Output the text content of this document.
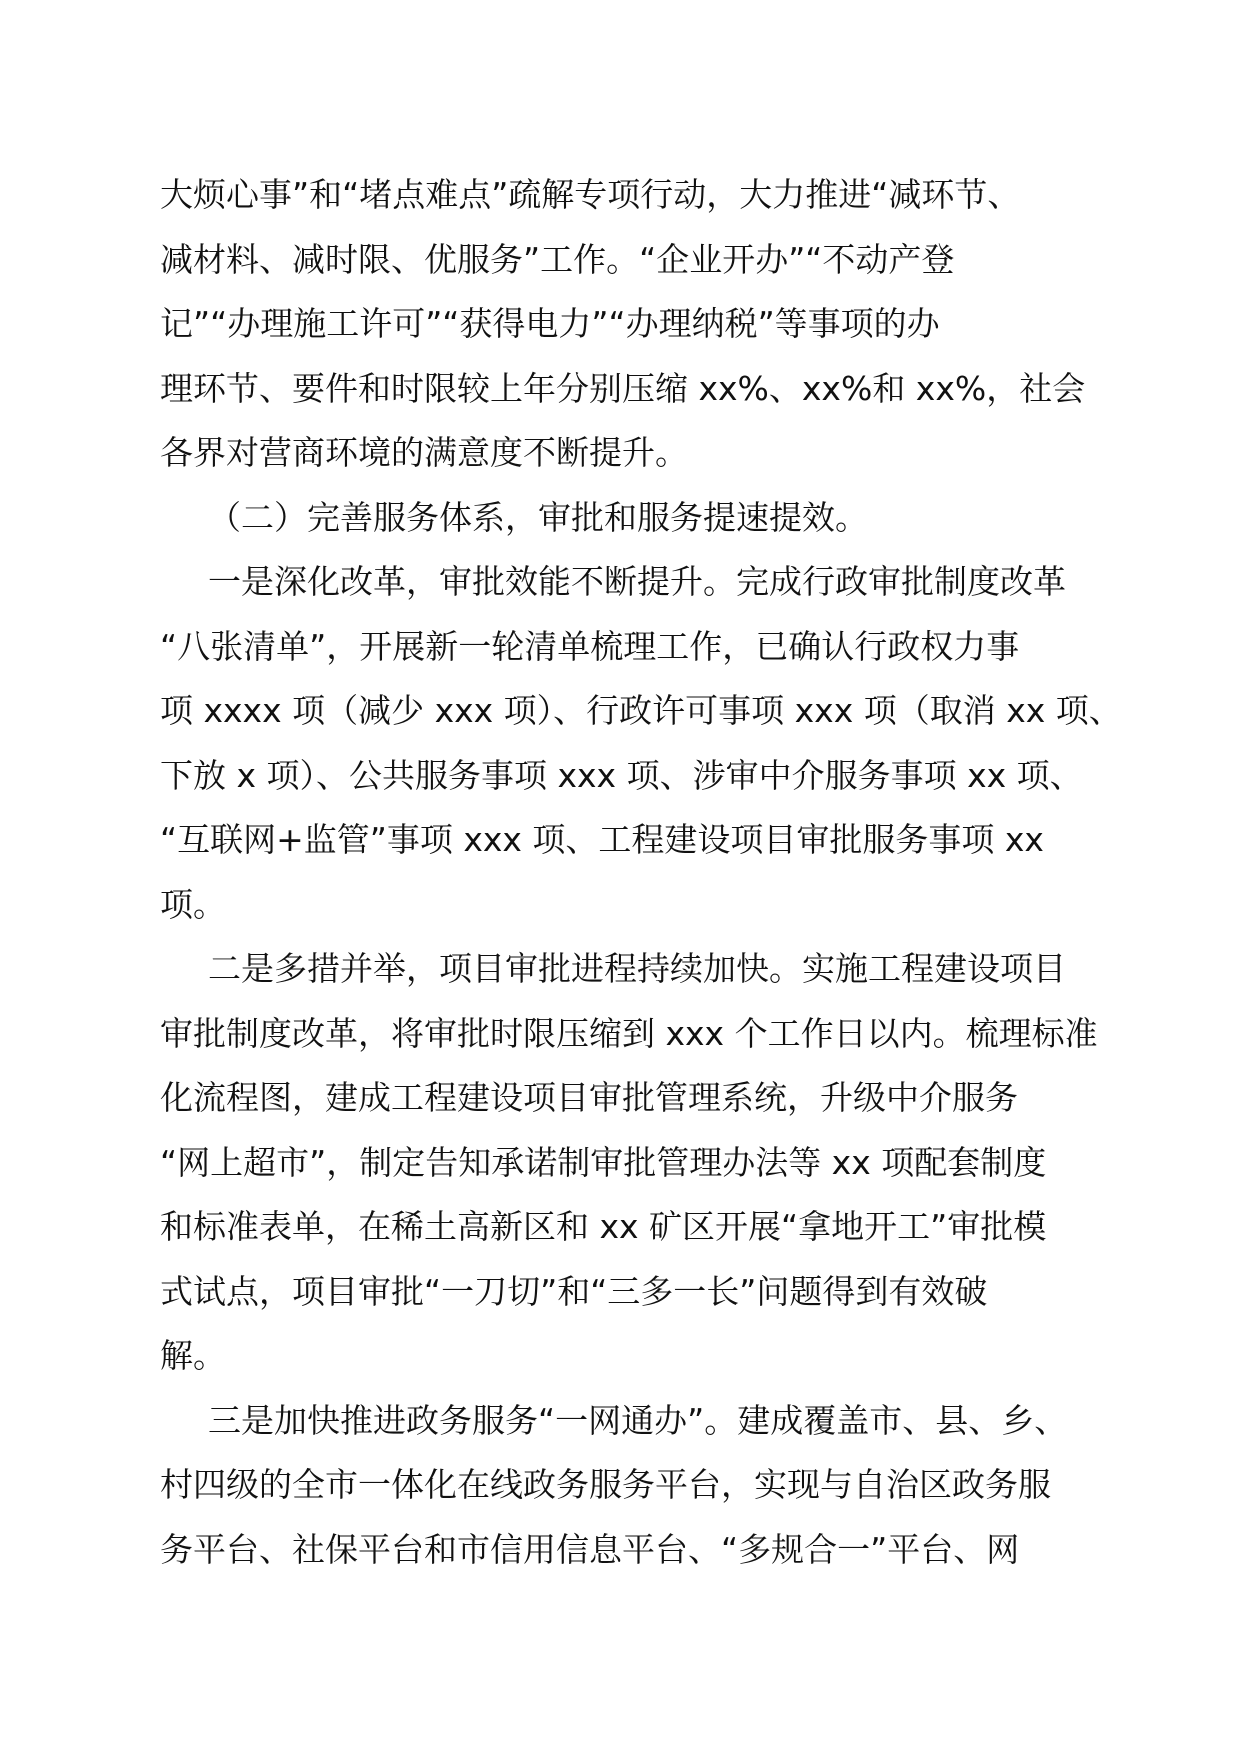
大烦心事”和“堵点难点”疏解专项行动，大力推进“减环节、
减材料、减时限、优服务”工作。“企业开办”“不动产登
记”“办理施工许可”“获得电力”“办理纳税”等事项的办
理环节、要件和时限较上年分别压缩 xx%、xx%和 xx%，社会
各界对营商环境的满意度不断提升。
（二）完善服务体系，审批和服务提速提效。
一是深化改革，审批效能不断提升。完成行政审批制度改革
“八张清单”，开展新一轮清单梳理工作，已确认行政权力事
项 xxxx 项（减少 xxx 项）、行政许可事项 xxx 项（取消 xx 项、
下放 x 项）、公共服务事项 xxx 项、涉审中介服务事项 xx 项、
“互联网+监管”事项 xxx 项、工程建设项目审批服务事项 xx
项。
二是多措并举，项目审批进程持续加快。实施工程建设项目
审批制度改革，将审批时限压缩到 xxx 个工作日以内。梳理标准
化流程图，建成工程建设项目审批管理系统，升级中介服务
“网上超市”，制定告知承诺制审批管理办法等 xx 项配套制度
和标准表单，在稀土高新区和 xx 矿区开展“拿地开工”审批模
式试点，项目审批“一刀切”和“三多一长”问题得到有效破
解。
三是加快推进政务服务“一网通办”。建成覆盖市、县、乡、
村四级的全市一体化在线政务服务平台，实现与自治区政务服
务平台、社保平台和市信用信息平台、“多规合一”平台、网
